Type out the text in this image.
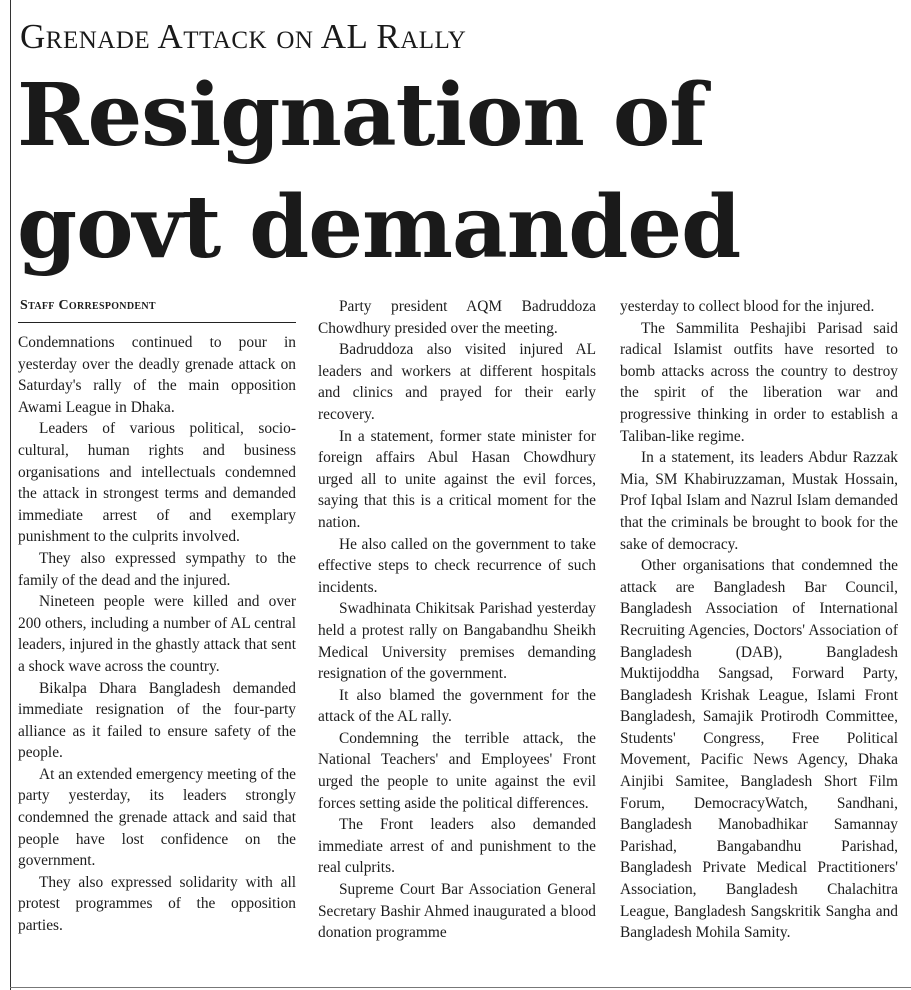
Grenade Attack on AL Rally
Resignation of govt demanded
Staff Correspondent

Condemnations continued to pour in yesterday over the deadly grenade attack on Saturday's rally of the main opposition Awami League in Dhaka.

Leaders of various political, socio-cultural, human rights and business organisations and intellectuals condemned the attack in strongest terms and demanded immediate arrest of and exemplary punishment to the culprits involved.

They also expressed sympathy to the family of the dead and the injured.

Nineteen people were killed and over 200 others, including a number of AL central leaders, injured in the ghastly attack that sent a shock wave across the country.

Bikalpa Dhara Bangladesh demanded immediate resignation of the four-party alliance as it failed to ensure safety of the people.

At an extended emergency meeting of the party yesterday, its leaders strongly condemned the grenade attack and said that people have lost confidence on the government.

They also expressed solidarity with all protest programmes of the opposition parties.

Party president AQM Badruddoza Chowdhury presided over the meeting.

Badruddoza also visited injured AL leaders and workers at different hospitals and clinics and prayed for their early recovery.

In a statement, former state minister for foreign affairs Abul Hasan Chowdhury urged all to unite against the evil forces, saying that this is a critical moment for the nation.

He also called on the government to take effective steps to check recurrence of such incidents.

Swadhinata Chikitsak Parishad yesterday held a protest rally on Bangabandhu Sheikh Medical University premises demanding resignation of the government.

It also blamed the government for the attack of the AL rally.

Condemning the terrible attack, the National Teachers' and Employees' Front urged the people to unite against the evil forces setting aside the political differences.

The Front leaders also demanded immediate arrest of and punishment to the real culprits.

Supreme Court Bar Association General Secretary Bashir Ahmed inaugurated a blood donation programme

yesterday to collect blood for the injured.

The Sammilita Peshajibi Parisad said radical Islamist outfits have resorted to bomb attacks across the country to destroy the spirit of the liberation war and progressive thinking in order to establish a Taliban-like regime.

In a statement, its leaders Abdur Razzak Mia, SM Khabiruzzaman, Mustak Hossain, Prof Iqbal Islam and Nazrul Islam demanded that the criminals be brought to book for the sake of democracy.

Other organisations that condemned the attack are Bangladesh Bar Council, Bangladesh Association of International Recruiting Agencies, Doctors' Association of Bangladesh (DAB), Bangladesh Muktijoddha Sangsad, Forward Party, Bangladesh Krishak League, Islami Front Bangladesh, Samajik Protirodh Committee, Students' Congress, Free Political Movement, Pacific News Agency, Dhaka Ainjibi Samitee, Bangladesh Short Film Forum, DemocracyWatch, Sandhani, Bangladesh Manobadhikar Samannay Parishad, Bangabandhu Parishad, Bangladesh Private Medical Practitioners' Association, Bangladesh Chalachitra League, Bangladesh Sangskritik Sangha and Bangladesh Mohila Samity.
